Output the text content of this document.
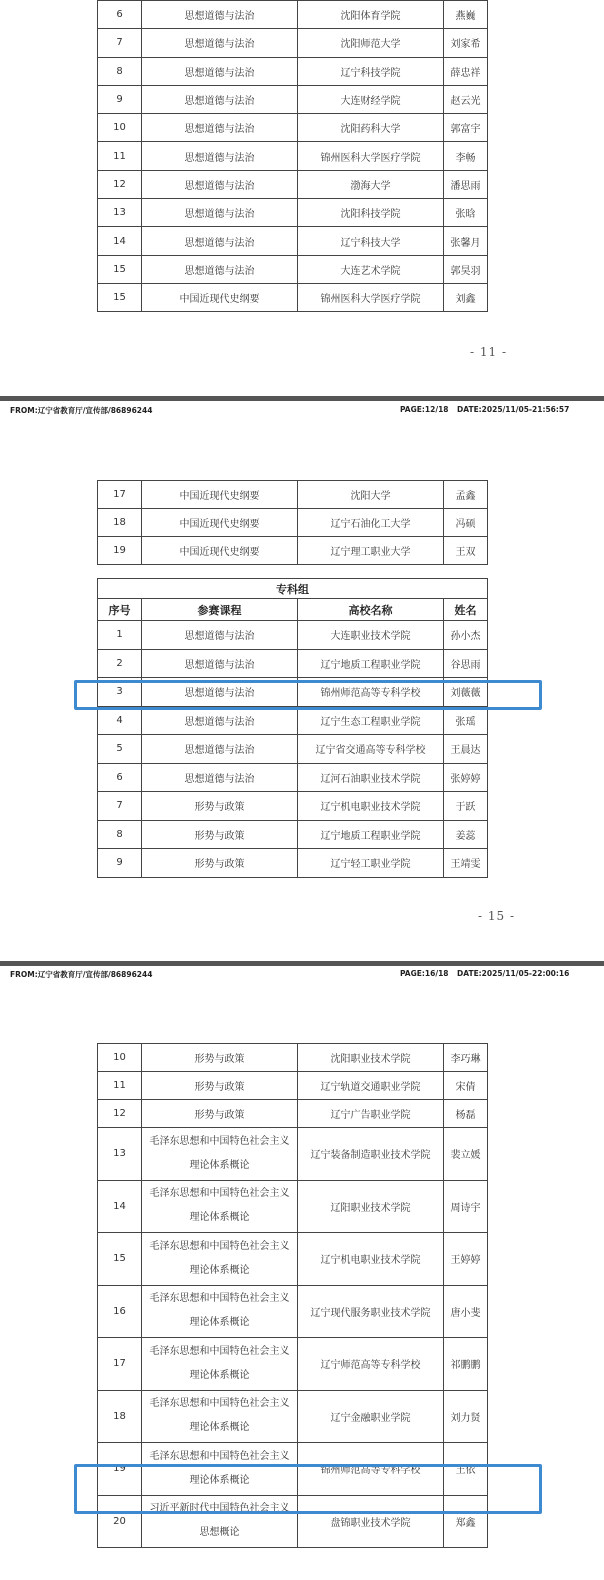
6	思想道德与法治	沈阳体育学院	燕巍
7	思想道德与法治	沈阳师范大学	刘家希
8	思想道德与法治	辽宁科技学院	薛忠祥
9	思想道德与法治	大连财经学院	赵云光
10	思想道德与法治	沈阳药科大学	郭富宇
11	思想道德与法治	锦州医科大学医疗学院	李畅
12	思想道德与法治	渤海大学	潘思雨
13	思想道德与法治	沈阳科技学院	张晗
14	思想道德与法治	辽宁科技大学	张馨月
15	思想道德与法治	大连艺术学院	郭昊羽
15	中国近现代史纲要	锦州医科大学医疗学院	刘鑫
- 11 -
FROM:辽宁省教育厅/宣传部/86896244	PAGE:12/18 DATE:2025/11/05-21:56:57
17	中国近现代史纲要	沈阳大学	孟鑫
18	中国近现代史纲要	辽宁石油化工大学	冯硕
19	中国近现代史纲要	辽宁理工职业大学	王双
专科组			
序号	参赛课程	高校名称	姓名
1	思想道德与法治	大连职业技术学院	孙小杰
2	思想道德与法治	辽宁地质工程职业学院	谷思雨
3	思想道德与法治	锦州师范高等专科学校	刘薇薇
4	思想道德与法治	辽宁生态工程职业学院	张瑶
5	思想道德与法治	辽宁省交通高等专科学校	王晨达
6	思想道德与法治	辽河石油职业技术学院	张婷婷
7	形势与政策	辽宁机电职业技术学院	于跃
8	形势与政策	辽宁地质工程职业学院	姜蕊
9	形势与政策	辽宁轻工职业学院	王靖雯
- 15 -
FROM:辽宁省教育厅/宣传部/86896244	PAGE:16/18 DATE:2025/11/05-22:00:16
10	形势与政策	沈阳职业技术学院	李巧琳
11	形势与政策	辽宁轨道交通职业学院	宋倩
12	形势与政策	辽宁广告职业学院	杨磊
13	毛泽东思想和中国特色社会主义理论体系概论	辽宁装备制造职业技术学院	裴立媛
14	毛泽东思想和中国特色社会主义理论体系概论	辽阳职业技术学院	周诗宇
15	毛泽东思想和中国特色社会主义理论体系概论	辽宁机电职业技术学院	王婷婷
16	毛泽东思想和中国特色社会主义理论体系概论	辽宁现代服务职业技术学院	唐小斐
17	毛泽东思想和中国特色社会主义理论体系概论	辽宁师范高等专科学校	祁鹏鹏
18	毛泽东思想和中国特色社会主义理论体系概论	辽宁金融职业学院	刘力贤
19	毛泽东思想和中国特色社会主义理论体系概论	锦州师范高等专科学校	王依
20	习近平新时代中国特色社会主义思想概论	盘锦职业技术学院	郑鑫
